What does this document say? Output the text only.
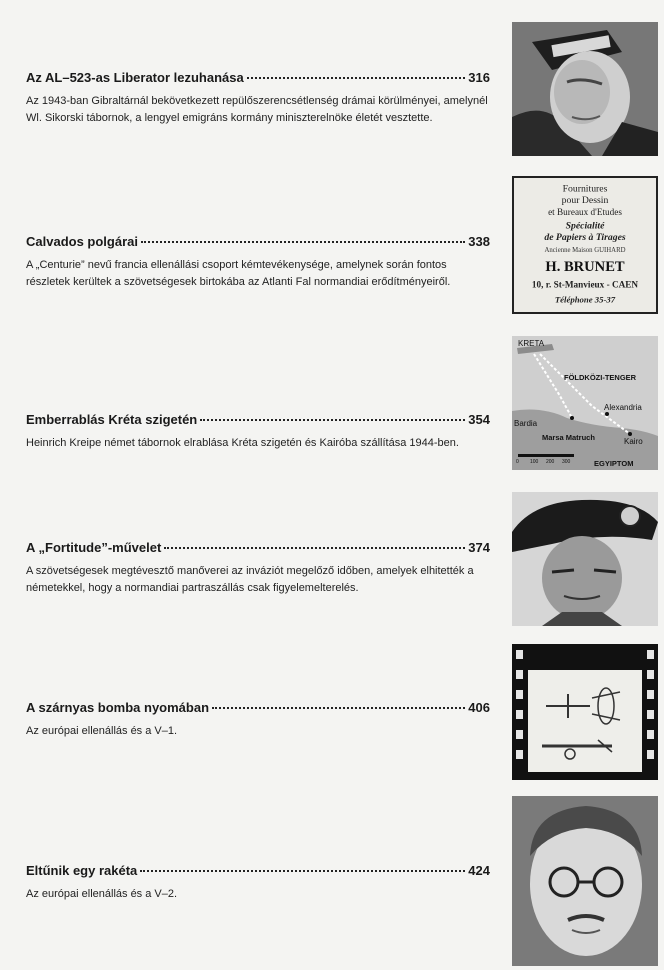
Az AL–523-as Liberator lezuhanása	316
Az 1943-ban Gibraltárnál bekövetkezett repülőszerencsétlenség drámai körülményei, amelynél Wl. Sikorski tábornok, a lengyel emigráns kormány miniszterelnöke életét vesztette.
Calvados polgárai	338
A „Centurie” nevű francia ellenállási csoport kémtevékenysége, amelynek során fontos részletek kerültek a szövetségesek birtokába az Atlanti Fal normandiai erődítményeiről.
Emberrablás Kréta szigetén	354
Heinrich Kreipe német tábornok elrablása Kréta szigetén és Kairóba szállítása 1944-ben.
A „Fortitude”-művelet	374
A szövetségesek megtévesztő manőverei az inváziót megelőző időben, amelyek elhitették a németekkel, hogy a normandiai partraszállás csak figyelemelterelés.
A szárnyas bomba nyomában	406
Az európai ellenállás és a V–1.
Eltűnik egy rakéta	424
Az európai ellenállás és a V–2.
Fournitures
pour Dessin
et Bureaux d'Etudes
Spécialité
de Papiers à Tirages
Ancienne Maison GUIHARD
H. BRUNET
10, r. St-Manvieux - CAEN
Téléphone 35-37
KRETA
FÖLDKÖZI-TENGER
Alexandria
Bardia
Marsa Matruch	Kairo
EGYIPTOM
0 100 200 300
